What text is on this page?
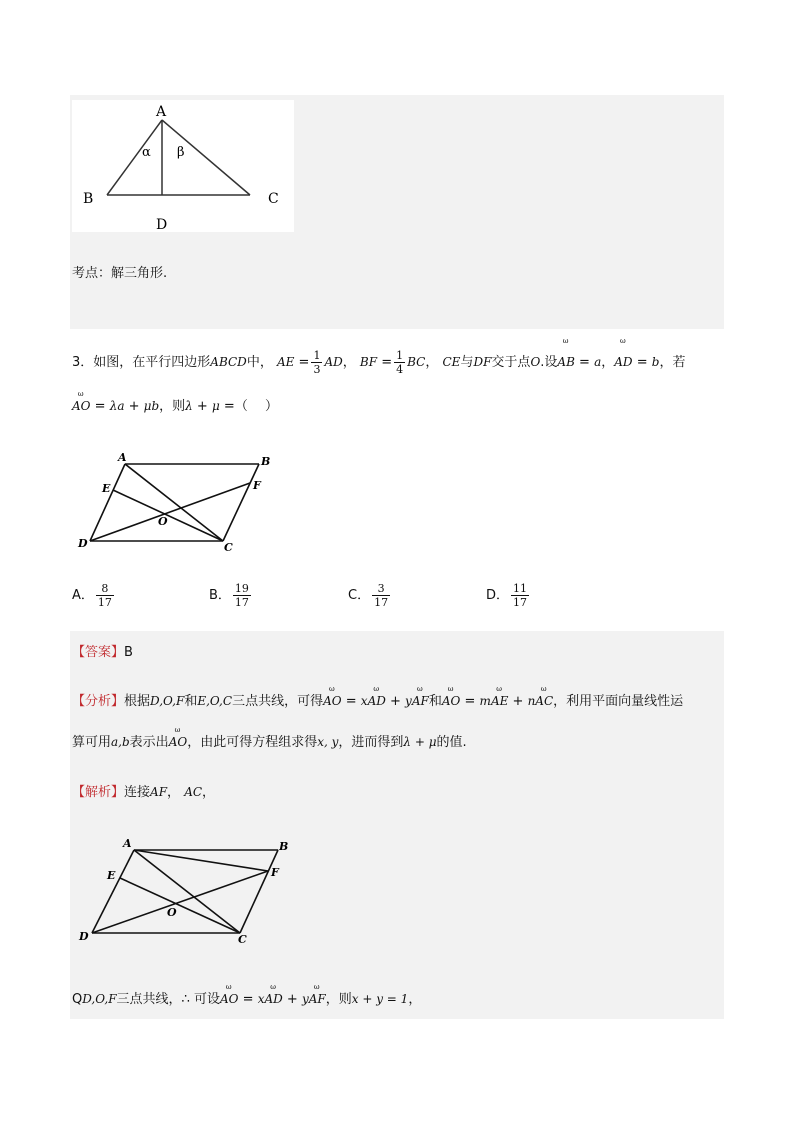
A
B	C
D
α β
考点：解三角形.
3．如图，在平行四边形ABCD中， AE = $\frac{1}{3}$ AD， BF = $\frac{1}{4}$ BC， CE与DF交于点O.设ω AB = a，ω AD = b，若
ω AO = λa + μb，则λ + μ =（　 ）
A	B
C
D
E	F
O
A． $\frac{8}{17}$	B． $\frac{19}{17}$	C． $\frac{3}{17}$	D． $\frac{11}{17}$
【答案】B
【分析】根据D,O,F和E,O,C三点共线，可得ω AO = xω AD + yω AF和ω AO = mω AE + nω AC，利用平面向量线性运
算可用a,b表示出ω AO，由此可得方程组求得x, y，进而得到λ + μ的值.
【解析】连接AF， AC，
A	B
C
D
E	F
O
QD,O,F三点共线，∴ 可设ω AO = xω AD + yω AF，则x + y = 1，
